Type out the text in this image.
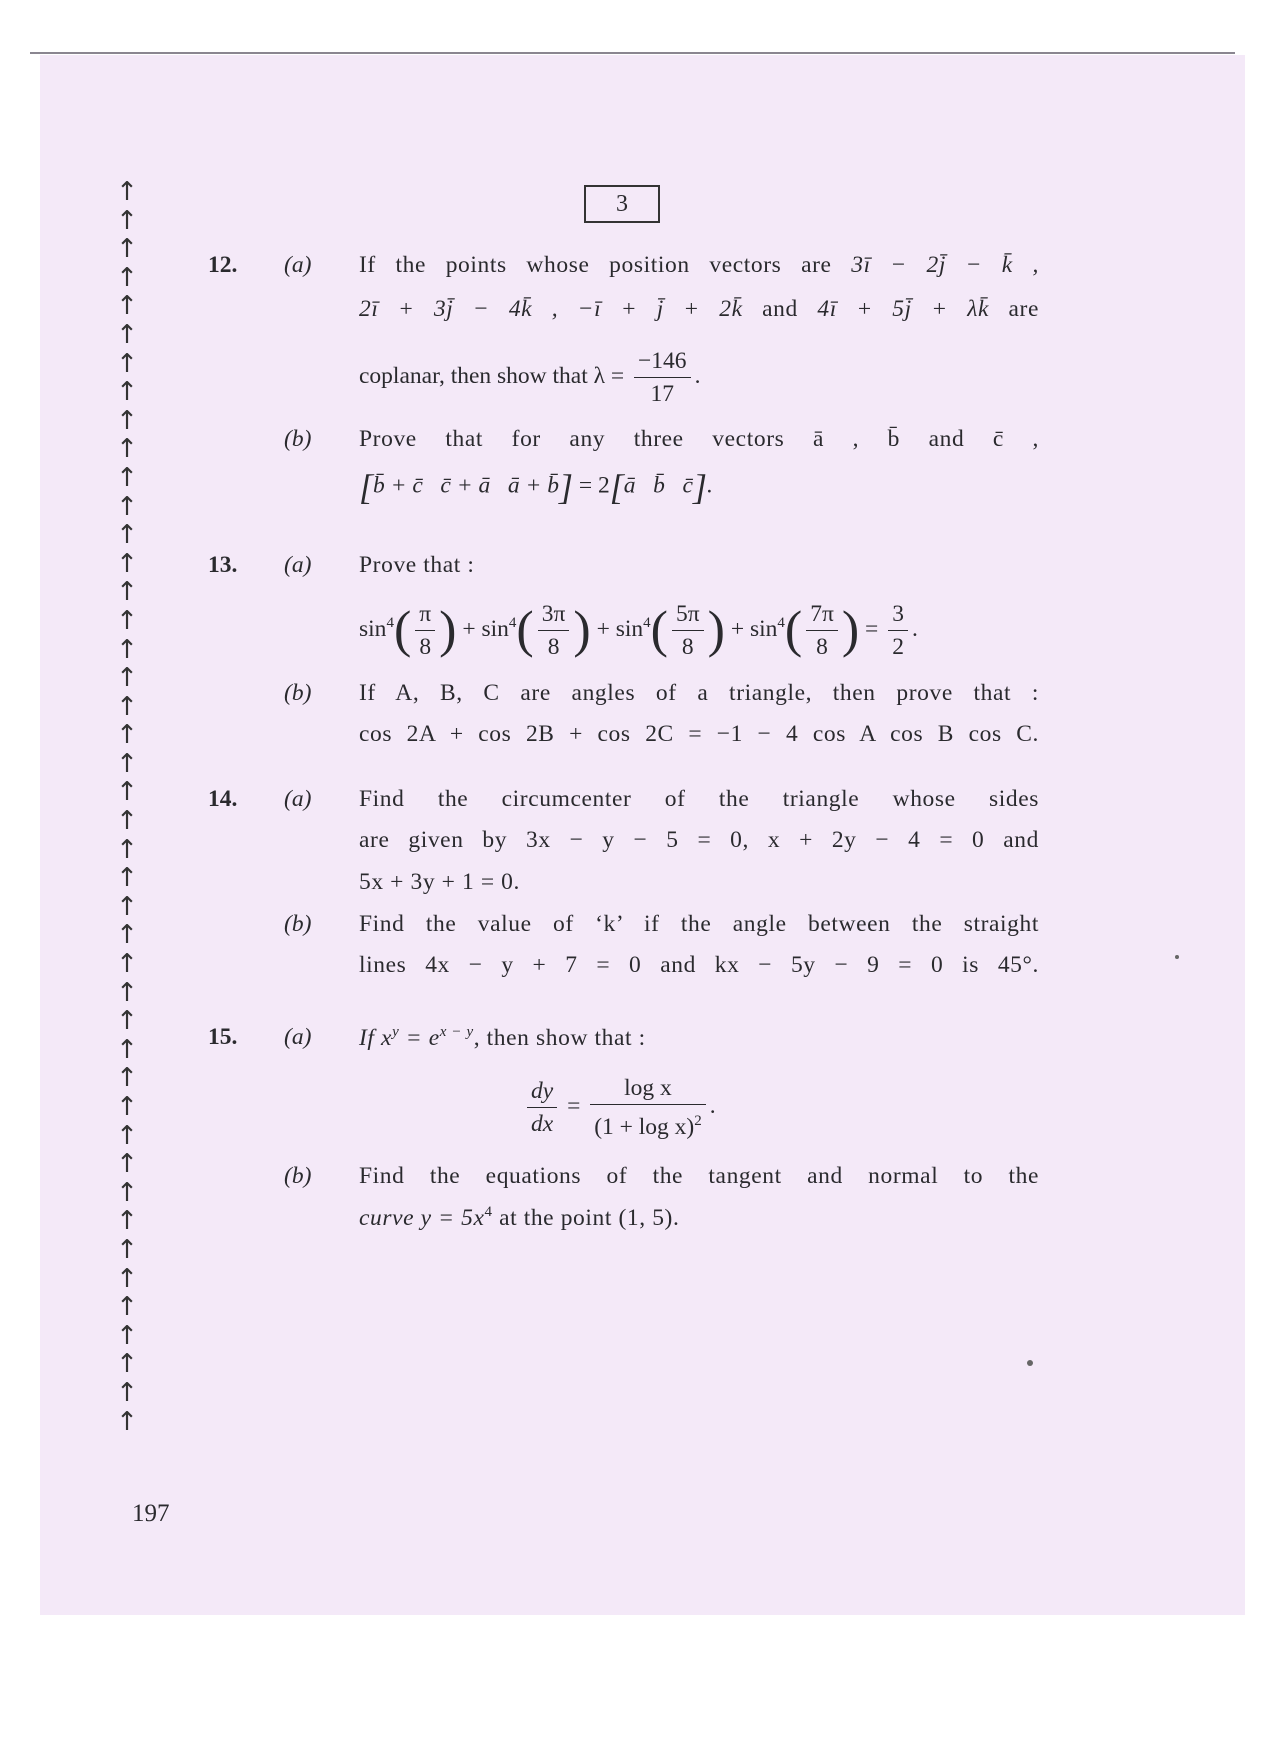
↑
↑
↑
↑
↑
↑
↑
↑
↑
↑
↑
↑
↑
↑
↑
↑
↑
↑
↑
↑
↑
↑
↑
↑
↑
↑
↑
↑
↑
↑
↑
↑
↑
↑
↑
↑
↑
↑
↑
↑
↑
↑
↑
↑
3
12. (a) If the points whose position vectors are 3ī − 2j̄ − k̄ ,
2ī + 3j̄ − 4k̄ , −ī + j̄ + 2k̄ and 4ī + 5j̄ + λk̄ are
coplanar, then show that $\lambda = \frac{-146}{17}$ .
(b) Prove that for any three vectors ā , b̄ and c̄ ,
[b̄ + c̄   c̄ + ā   ā + b̄] = 2[ā   b̄   c̄].
13. (a) Prove that :
$\sin^4( \frac{\pi}{8}$ ) + $\sin^4( \frac{3\pi}{8}$ ) + $\sin^4( \frac{5\pi}{8}$ ) + $\sin^4( \frac{7\pi}{8}$ ) = $\frac{3}{2}$ .
(b) If A, B, C are angles of a triangle, then prove that :
cos 2A + cos 2B + cos 2C = −1 − 4 cos A cos B cos C.
14. (a) Find the circumcenter of the triangle whose sides
are given by 3x − y − 5 = 0, x + 2y − 4 = 0 and
5x + 3y + 1 = 0.
(b) Find the value of ‘k’ if the angle between the straight
lines 4x − y + 7 = 0 and kx − 5y − 9 = 0 is 45°.
15. (a) If $x^y = e^{x - y}$, then show that :
$\frac{dy}{dx} = \frac{\text{log x}}{(1 + \log x)^2}$ .
(b) Find the equations of the tangent and normal to the
curve $y = 5x^4$ at the point (1, 5).
197
